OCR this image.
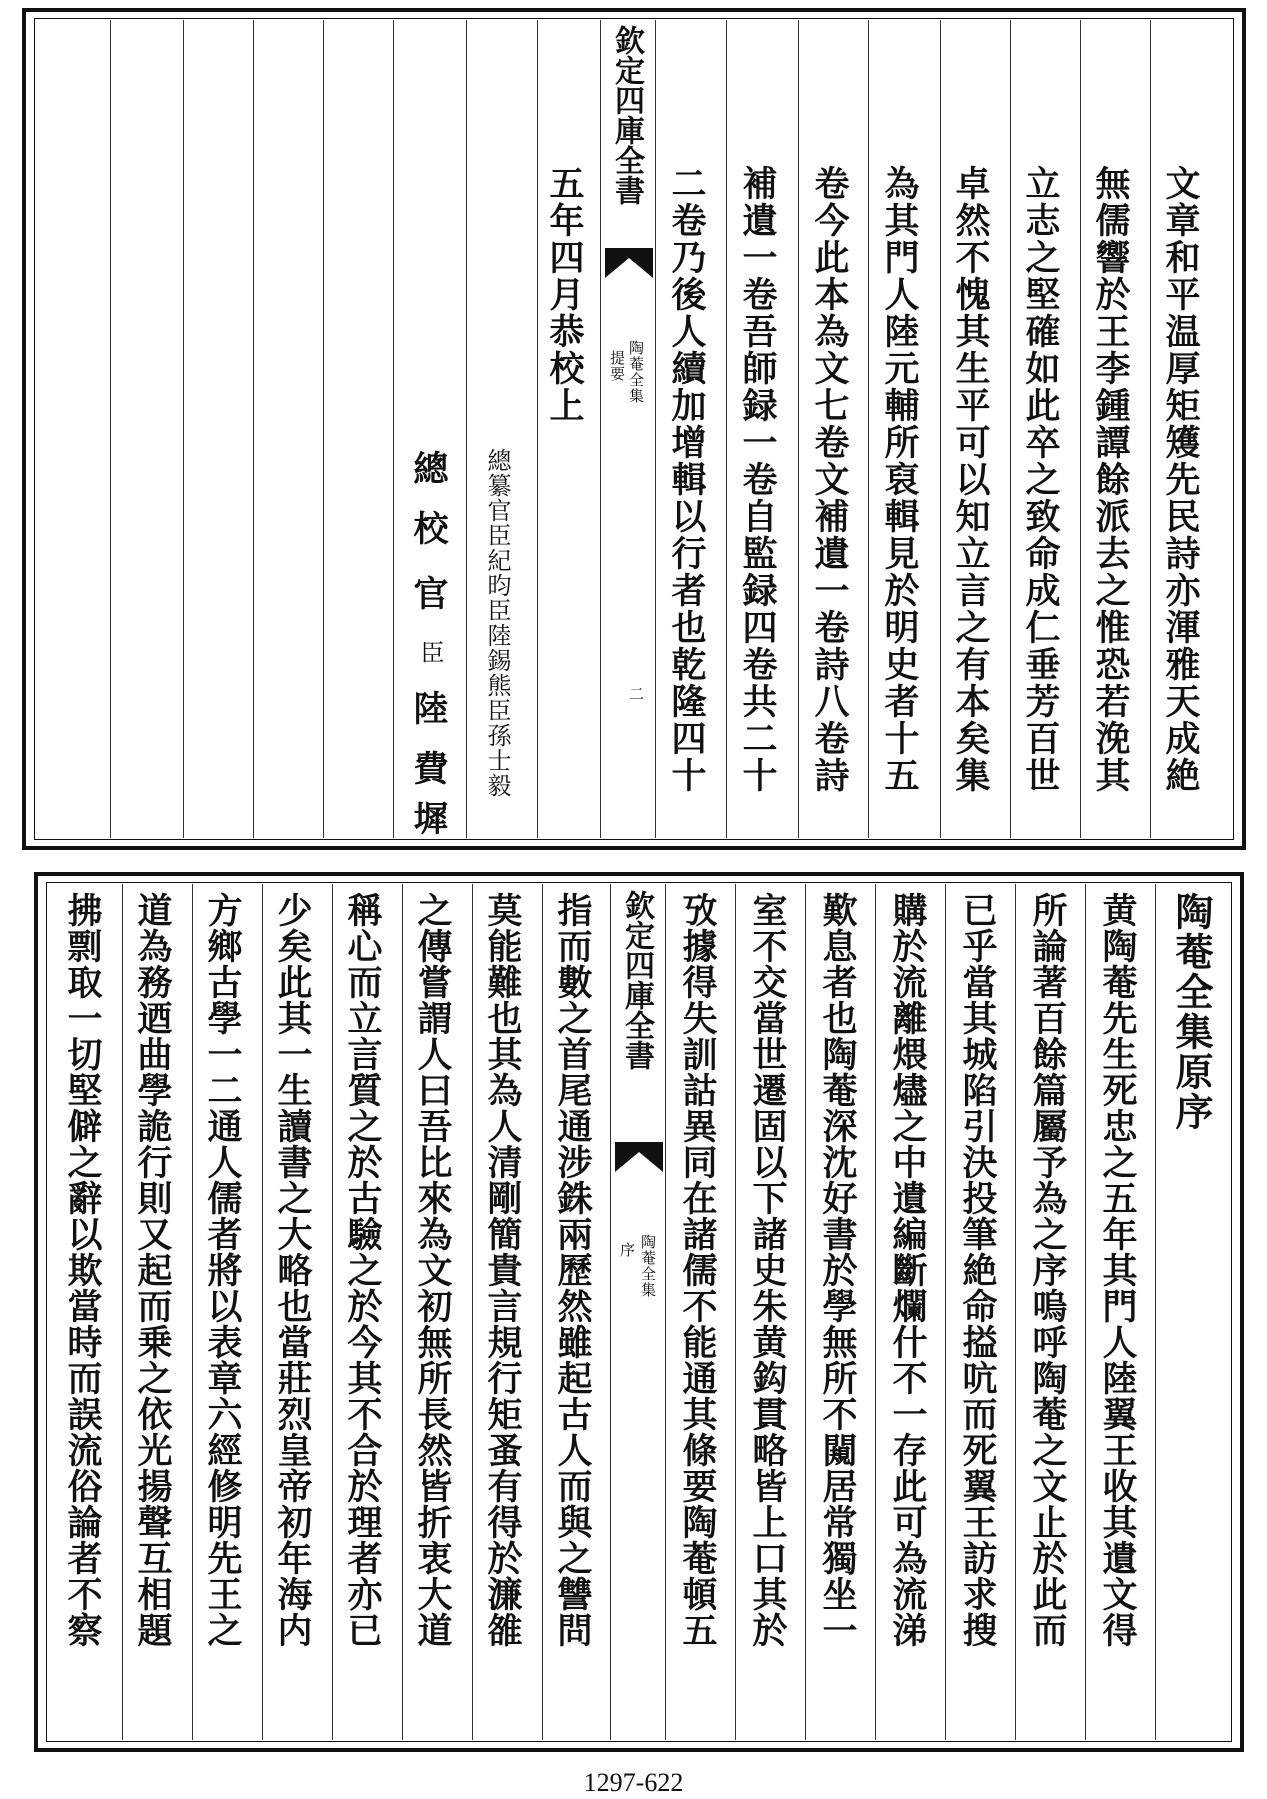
文章和平温厚矩矱先民詩亦渾雅天成絶
無儒響於王李鍾譚餘派去之惟恐若浼其
立志之堅確如此卒之致命成仁垂芳百世
卓然不愧其生平可以知立言之有本矣集
為其門人陸元輔所裒輯見於明史者十五
卷今此本為文七卷文補遺一卷詩八卷詩
補遺一卷吾師録一卷自監録四卷共二十
二卷乃後人續加增輯以行者也乾隆四十
欽定四庫全書
陶菴全集
提要
二
五年四月恭校上
總纂官臣紀昀臣陸錫熊臣孫士毅
總
校
官
臣
陸
費
墀
陶菴全集原序
黄陶菴先生死忠之五年其門人陸翼王收其遺文得
所論著百餘篇屬予為之序嗚呼陶菴之文止於此而
已乎當其城陷引決投筆絶命搤吭而死翼王訪求搜
購於流離煨燼之中遺編斷爛什不一存此可為流涕
歎息者也陶菴深沈好書於學無所不闚居常獨坐一
室不交當世遷固以下諸史朱黄鈎貫略皆上口其於
攷據得失訓詁異同在諸儒不能通其條要陶菴頓五
欽定四庫全書
陶菴全集
序
指而數之首尾通涉銖兩歷然雖起古人而與之讐問
莫能難也其為人清剛簡貴言規行矩蚤有得於濂雒
之傳嘗謂人曰吾比來為文初無所長然皆折衷大道
稱心而立言質之於古驗之於今其不合於理者亦已
少矣此其一生讀書之大略也當莊烈皇帝初年海内
方鄉古學一二通人儒者將以表章六經修明先王之
道為務迺曲學詭行則又起而乗之依光揚聲互相題
拂剽取一切堅僻之辭以欺當時而誤流俗論者不察
1297-622
